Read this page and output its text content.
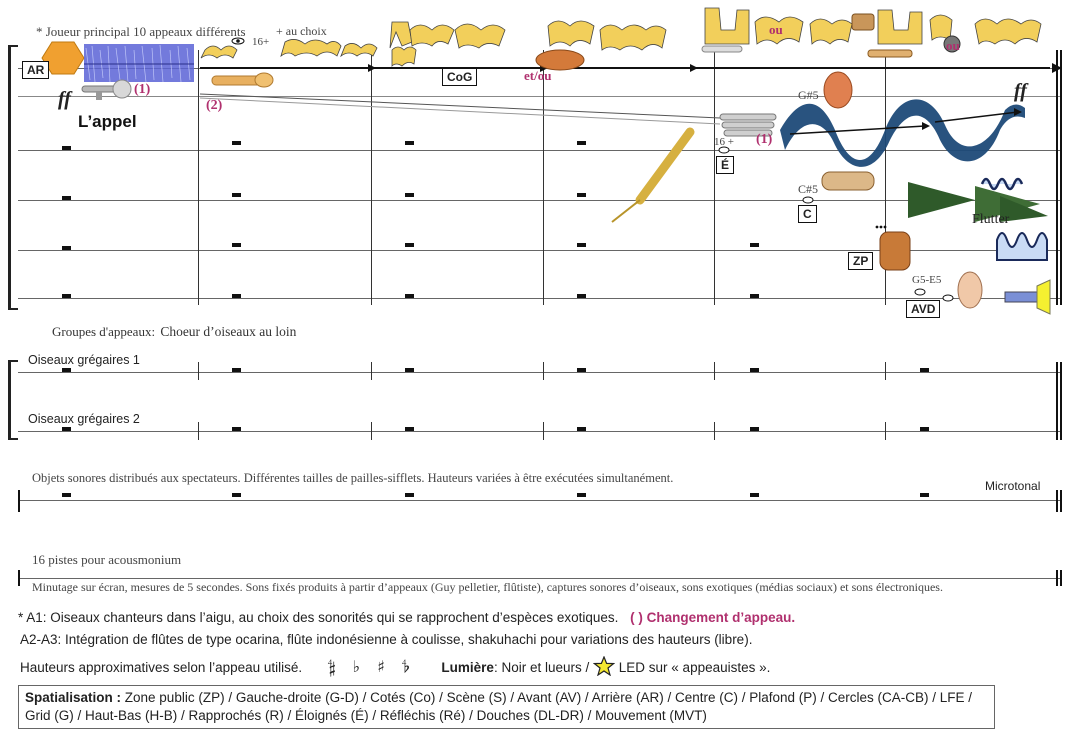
* Joueur principal 10 appeaux différents
16+
+ au choix
AR	CoG
É
C
ZP
AVD
ff	ff
L’appel
(1)
(2)
(1)
et/ou
ou
ou
G#5
C#5
G5-E5
16 +
Flutter
Groupes d'appeaux: Choeur d’oiseaux au loin
Oiseaux grégaires 1
Oiseaux grégaires 2
Objets sonores distribués aux spectateurs. Différentes tailles de pailles-sifflets. Hauteurs variées à être exécutées simultanément.
Microtonal
16 pistes pour acousmonium
Minutage sur écran, mesures de 5 secondes. Sons fixés produits à partir d’appeaux (Guy pelletier, flûtiste), captures sonores d’oiseaux, sons exotiques (médias sociaux) et sons électroniques.
* A1: Oiseaux chanteurs dans l’aigu, au choix des sonorités qui se rapprochent d’espèces exotiques. ( ) Changement d’appeau.
A2-A3: Intégration de flûtes de type ocarina, flûte indonésienne à coulisse, shakuhachi pour variations des hauteurs (libre).
Hauteurs approximatives selon l’appeau utilisé. 𝄲 ♭ ♯ 𝄳 Lumière: Noir et lueurs / LED sur « appeauistes ».
Spatialisation : Zone public (ZP) / Gauche-droite (G-D) / Cotés (Co) / Scène (S) / Avant (AV) / Arrière (AR) / Centre (C) / Plafond (P) / Cercles (CA-CB) / LFE / Grid (G) / Haut-Bas (H-B) / Rapprochés (R) / Éloignés (É) / Réfléchis (Ré) / Douches (DL-DR) / Mouvement (MVT)
